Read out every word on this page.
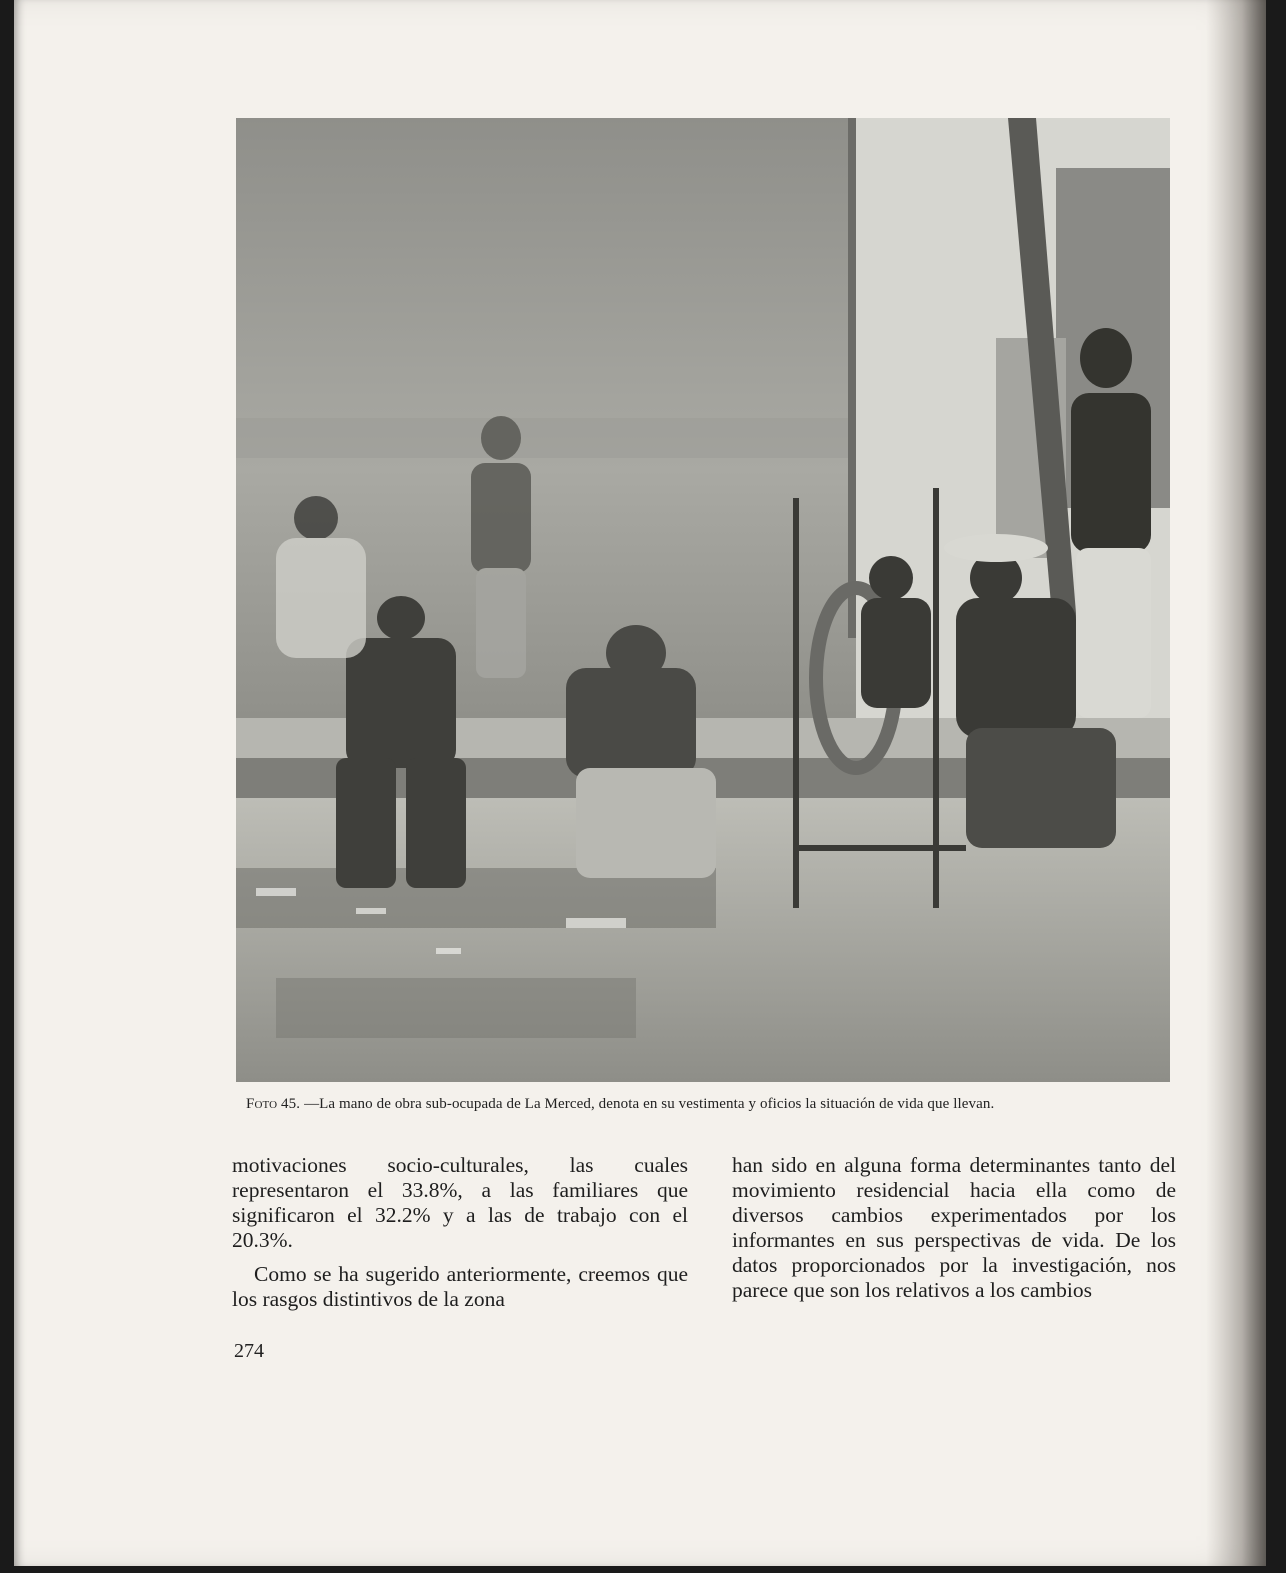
Foto 45. —La mano de obra sub-ocupada de La Merced, denota en su vestimenta y oficios la situación de vida que llevan.

motivaciones socio-culturales, las cuales representaron el 33.8%, a las familiares que significaron el 32.2% y a las de trabajo con el 20.3%.

Como se ha sugerido anteriormente, creemos que los rasgos distintivos de la zona

han sido en alguna forma determinantes tanto del movimiento residencial hacia ella como de diversos cambios experimentados por los informantes en sus perspectivas de vida. De los datos proporcionados por la investigación, nos parece que son los relativos a los cambios

274
